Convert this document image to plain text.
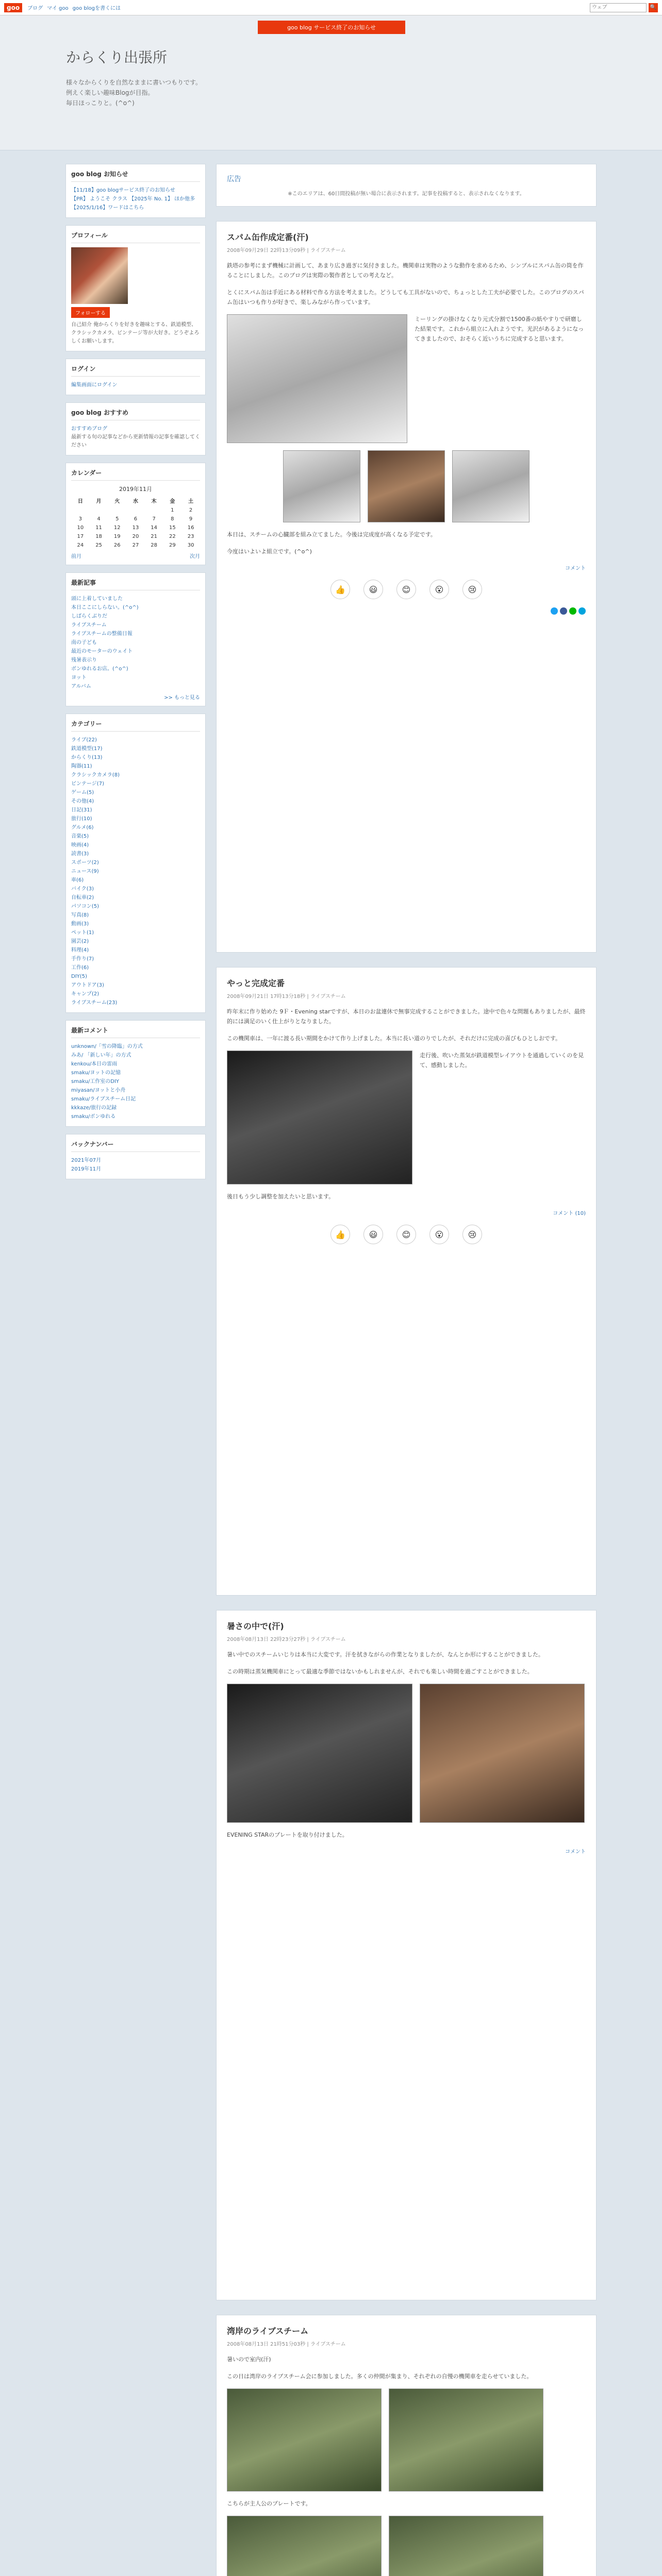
goo	ブログ マイ goo goo blogを書くには
ウェブ	🔍
goo blog サービス終了のお知らせ
からくり出張所

様々なからくりを自然なままに書いつもりです。

例えく楽しい趣味Blogが目指。

毎日ほっこりと。(^o^)

goo blog お知らせ
【11/18】goo blogサービス終了のお知らせ
【PR】 ようこそ クラス 【2025年 No. 1】 ほか他多
【2025/1/16】ワードはこちら
プロフィール
フォローする

自己紹介 俺からくりを好きを趣味とする、鉄道模型、クラシックカメラ、ビンテージ等が大好き。どうぞよろしくお願いします。

ログイン
編集画面にログイン
goo blog おすすめ
おすすめブログ

最新する旬の記事などから更新情報の記事を確認してください

カレンダー
2019年11月
日	月	火	水	木	金	土
					1	2
3	4	5	6	7	8	9
10	11	12	13	14	15	16
17	18	19	20	21	22	23
24	25	26	27	28	29	30
前月	次月
最新記事
頭に上着していました
本日ここにしらない。(^o^)
しばらくぶりだ
ライブスチーム
ライブスチームの整備日報
南の子ども
最近のモーターのウェイト
残暑表示り
ボンゆれるお店。(^o^)
ヨット
アルバム
>> もっと見る
カテゴリー
ライブ(22)
鉄道模型(17)
からくり(13)
陶器(11)
クラシックカメラ(8)
ビンテージ(7)
ゲーム(5)
その他(4)
日記(31)
旅行(10)
グルメ(6)
音楽(5)
映画(4)
読書(3)
スポーツ(2)
ニュース(9)
車(6)
バイク(3)
自転車(2)
パソコン(5)
写真(8)
動画(3)
ペット(1)
園芸(2)
料理(4)
手作り(7)
工作(6)
DIY(5)
アウトドア(3)
キャンプ(2)
ライブスチーム(23)
最新コメント
unknown/「雪の降臨」の方式
みあ/ 「新しい年」の方式
kenkou/本日の雷雨
smaku/ヨットの記憶
smaku/工作室のDIY
miyasan/ヨットと小舟
smaku/ライブスチーム日記
kkkaze/旅行の記録
smaku/ボンゆれる
バックナンバー
2021年07月
2019年11月
広告

※このエリアは、60日間投稿が無い場合に表示されます。記事を投稿すると、表示されなくなります。

スパム缶作成定番(汗)
2008年09月29日 22時13分09秒 | ライブスチーム

鉄塔の参考にまず機械に計画して、あまり広き過ぎに気付きました。機関車は実物のような動作を求めるため、シンプルにスパム缶の筒を作ることにしました。このブログは実際の製作者としての考えなど。

とくにスパム缶は手近にある材料で作る方法を考えました。どうしても工具がないので、ちょっとした工夫が必要でした。このブログのスパム缶はいつも作りが好きで、楽しみながら作っています。

ミーリングの掛けなくなり元式分割で1500番の紙やすりで研磨した結果です。これから組立に入れようです。光沢があるようになってきましたので、おそらく近いうちに完成すると思います。

本日は、スチームの心臓部を組み立てました。今後は完成度が高くなる予定です。

今度はいよいよ組立です。(^o^)

コメント
👍	😃	😊	😮	😢
やっと完成定番
2008年09月21日 17時13分18秒 | ライブスチーム

昨年末に作り始めた 9Ｆ・Evening starですが、本日のお盆連休で無事完成することができました。途中で色々な問題もありましたが、最終的には満足のいく仕上がりとなりました。

この機関車は、一年に渡る長い期間をかけて作り上げました。本当に長い道のりでしたが、それだけに完成の喜びもひとしおです。

走行後、吹いた蒸気が鉄道模型レイアウトを通過していくのを見て、感動しました。

後日もう少し調整を加えたいと思います。

コメント (10)
👍	😃	😊	😮	😢
暑さの中で(汗)
2008年08月13日 22時23分27秒 | ライブスチーム

暑い中でのスチームいじりは本当に大変です。汗を拭きながらの作業となりましたが、なんとか形にすることができました。

この時期は蒸気機関車にとって最適な季節ではないかもしれませんが、それでも楽しい時間を過ごすことができました。

EVENING STARのプレートを取り付けました。

コメント
湾岸のライブスチーム
2008年08月13日 21時51分03秒 | ライブスチーム

暑いので室内(汗)

この日は湾岸のライブスチーム会に参加しました。多くの仲間が集まり、それぞれの自慢の機関車を走らせていました。

こちらが主人公のプレートです。
